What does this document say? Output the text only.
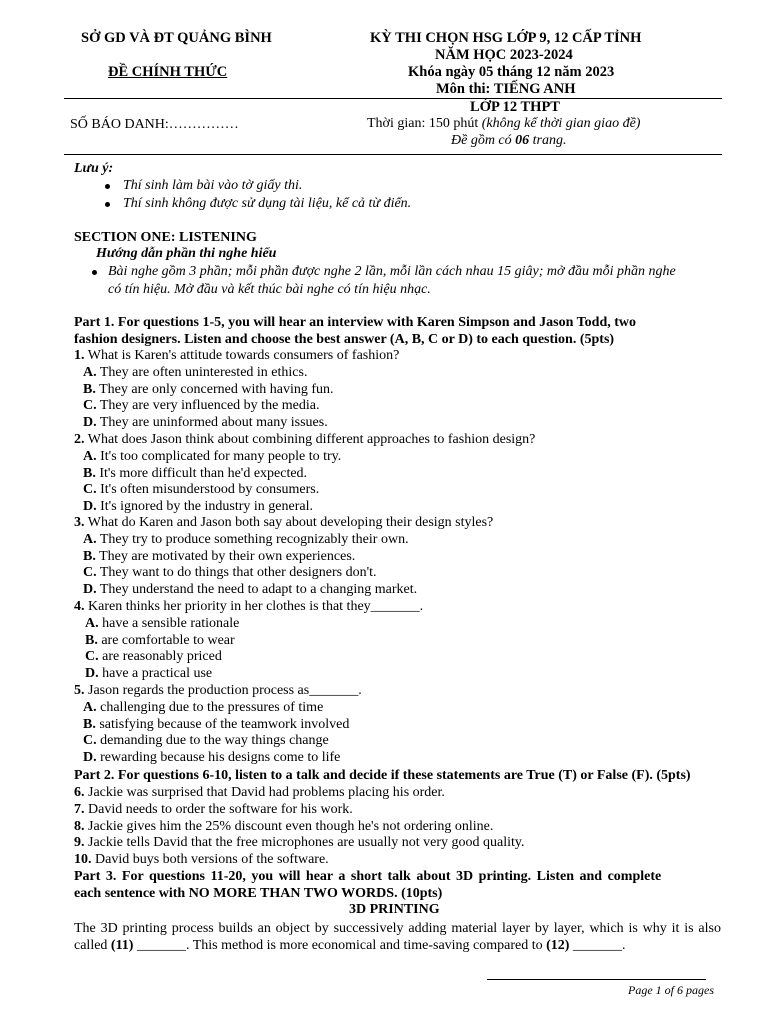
SỞ GD VÀ ĐT QUẢNG BÌNH
ĐỀ CHÍNH THỨC
KỲ THI CHỌN HSG LỚP 9, 12 CẤP TỈNH
NĂM HỌC 2023-2024
Khóa ngày 05 tháng 12 năm 2023
Môn thi: TIẾNG ANH
LỚP 12 THPT
SỐ BÁO DANH:……………	Thời gian: 150 phút (không kể thời gian giao đề)
Đề gồm có 06 trang.
Lưu ý:
Thí sinh làm bài vào tờ giấy thi.
Thí sinh không được sử dụng tài liệu, kể cả từ điển.
SECTION ONE: LISTENING
Hướng dẫn phần thi nghe hiểu
Bài nghe gồm 3 phần; mỗi phần được nghe 2 lần, mỗi lần cách nhau 15 giây; mở đầu mỗi phần nghe
có tín hiệu. Mở đầu và kết thúc bài nghe có tín hiệu nhạc.
Part 1. For questions 1-5, you will hear an interview with Karen Simpson and Jason Todd, two
fashion designers. Listen and choose the best answer (A, B, C or D) to each question. (5pts)
1. What is Karen's attitude towards consumers of fashion?
A. They are often uninterested in ethics.
B. They are only concerned with having fun.
C. They are very influenced by the media.
D. They are uninformed about many issues.
2. What does Jason think about combining different approaches to fashion design?
A. It's too complicated for many people to try.
B. It's more difficult than he'd expected.
C. It's often misunderstood by consumers.
D. It's ignored by the industry in general.
3. What do Karen and Jason both say about developing their design styles?
A. They try to produce something recognizably their own.
B. They are motivated by their own experiences.
C. They want to do things that other designers don't.
D. They understand the need to adapt to a changing market.
4. Karen thinks her priority in her clothes is that they_______.
A. have a sensible rationale
B. are comfortable to wear
C. are reasonably priced
D. have a practical use
5. Jason regards the production process as_______.
A. challenging due to the pressures of time
B. satisfying because of the teamwork involved
C. demanding due to the way things change
D. rewarding because his designs come to life
Part 2. For questions 6-10, listen to a talk and decide if these statements are True (T) or False (F). (5pts)
6. Jackie was surprised that David had problems placing his order.
7. David needs to order the software for his work.
8. Jackie gives him the 25% discount even though he's not ordering online.
9. Jackie tells David that the free microphones are usually not very good quality.
10. David buys both versions of the software.
Part 3. For questions 11-20, you will hear a short talk about 3D printing. Listen and complete
each sentence with NO MORE THAN TWO WORDS. (10pts)
3D PRINTING
The 3D printing process builds an object by successively adding material layer by layer, which is why it is also called (11) _______. This method is more economical and time-saving compared to (12) _______.
Page 1 of 6 pages
